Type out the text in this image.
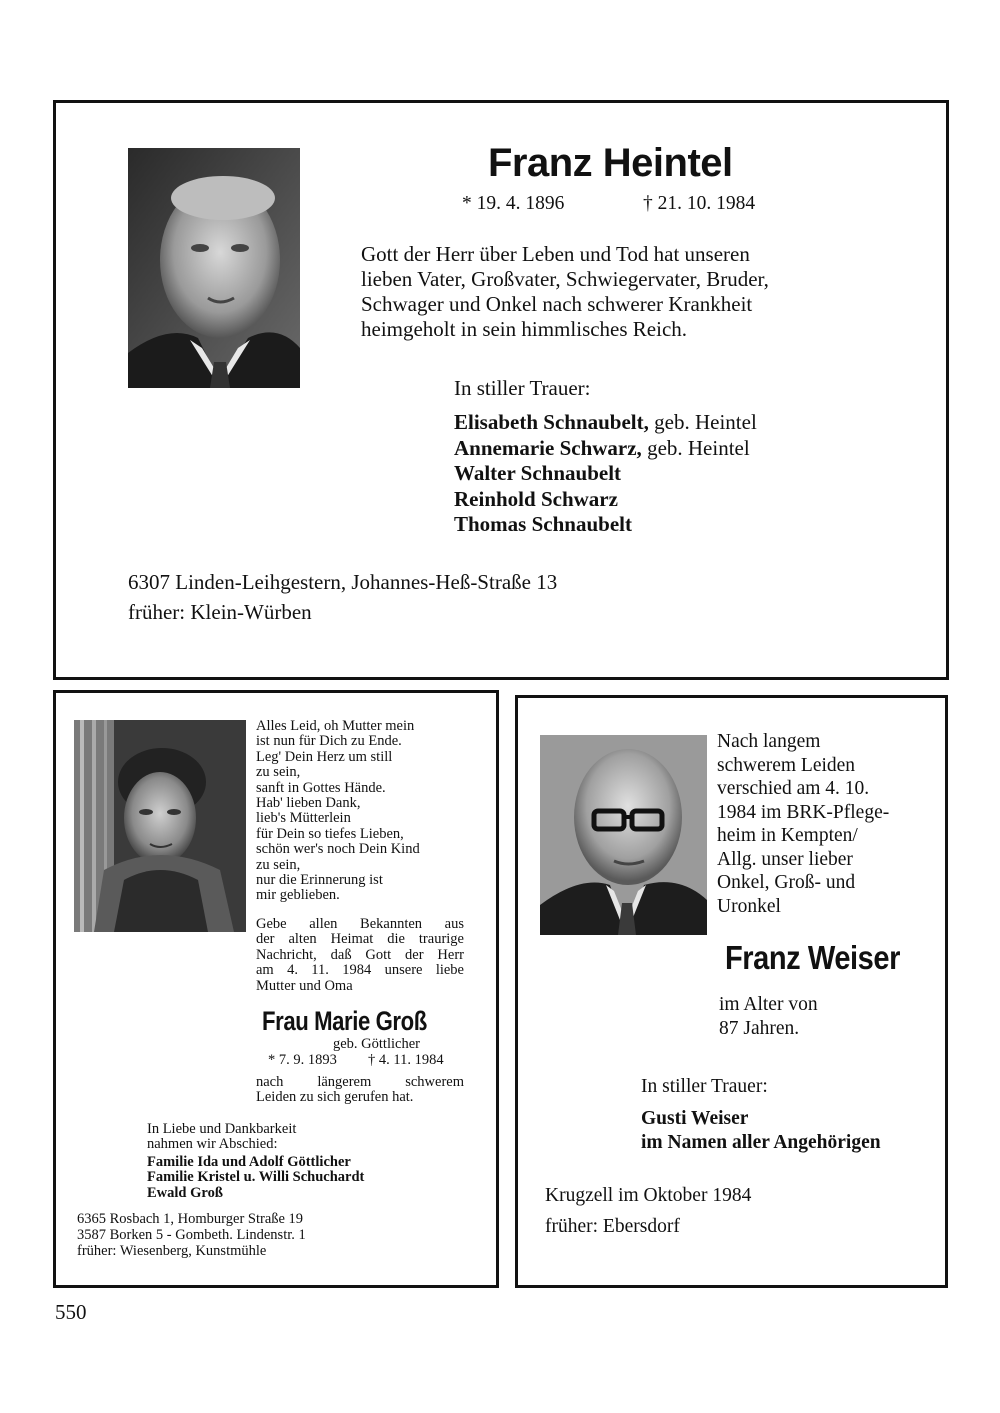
Franz Heintel
* 19. 4. 1896	† 21. 10. 1984
Gott der Herr über Leben und Tod hat unseren
lieben Vater, Großvater, Schwiegervater, Bruder,
Schwager und Onkel nach schwerer Krankheit
heimgeholt in sein himmlisches Reich.
In stiller Trauer:
Elisabeth Schnaubelt, geb. Heintel
Annemarie Schwarz, geb. Heintel
Walter Schnaubelt
Reinhold Schwarz
Thomas Schnaubelt
6307 Linden-Leihgestern, Johannes-Heß-Straße 13
früher: Klein-Würben
Alles Leid, oh Mutter mein
ist nun für Dich zu Ende.
Leg' Dein Herz um still
zu sein,
sanft in Gottes Hände.
Hab' lieben Dank,
lieb's Mütterlein
für Dein so tiefes Lieben,
schön wer's noch Dein Kind
zu sein,
nur die Erinnerung ist
mir geblieben.
Gebe allen Bekannten aus
der alten Heimat die traurige
Nachricht, daß Gott der Herr
am 4. 11. 1984 unsere liebe
Mutter und Oma
Frau Marie Groß
geb. Göttlicher
* 7. 9. 1893 † 4. 11. 1984
nach längerem schwerem
Leiden zu sich gerufen hat.
In Liebe und Dankbarkeit
nahmen wir Abschied:
Familie Ida und Adolf Göttlicher
Familie Kristel u. Willi Schuchardt
Ewald Groß
6365 Rosbach 1, Homburger Straße 19
3587 Borken 5 - Gombeth. Lindenstr. 1
früher: Wiesenberg, Kunstmühle
Nach langem
schwerem Leiden
verschied am 4. 10.
1984 im BRK-Pflege-
heim in Kempten/
Allg. unser lieber
Onkel, Groß- und
Uronkel
Franz Weiser
im Alter von
87 Jahren.
In stiller Trauer:
Gusti Weiser
im Namen aller Angehörigen
Krugzell im Oktober 1984
früher: Ebersdorf
550
